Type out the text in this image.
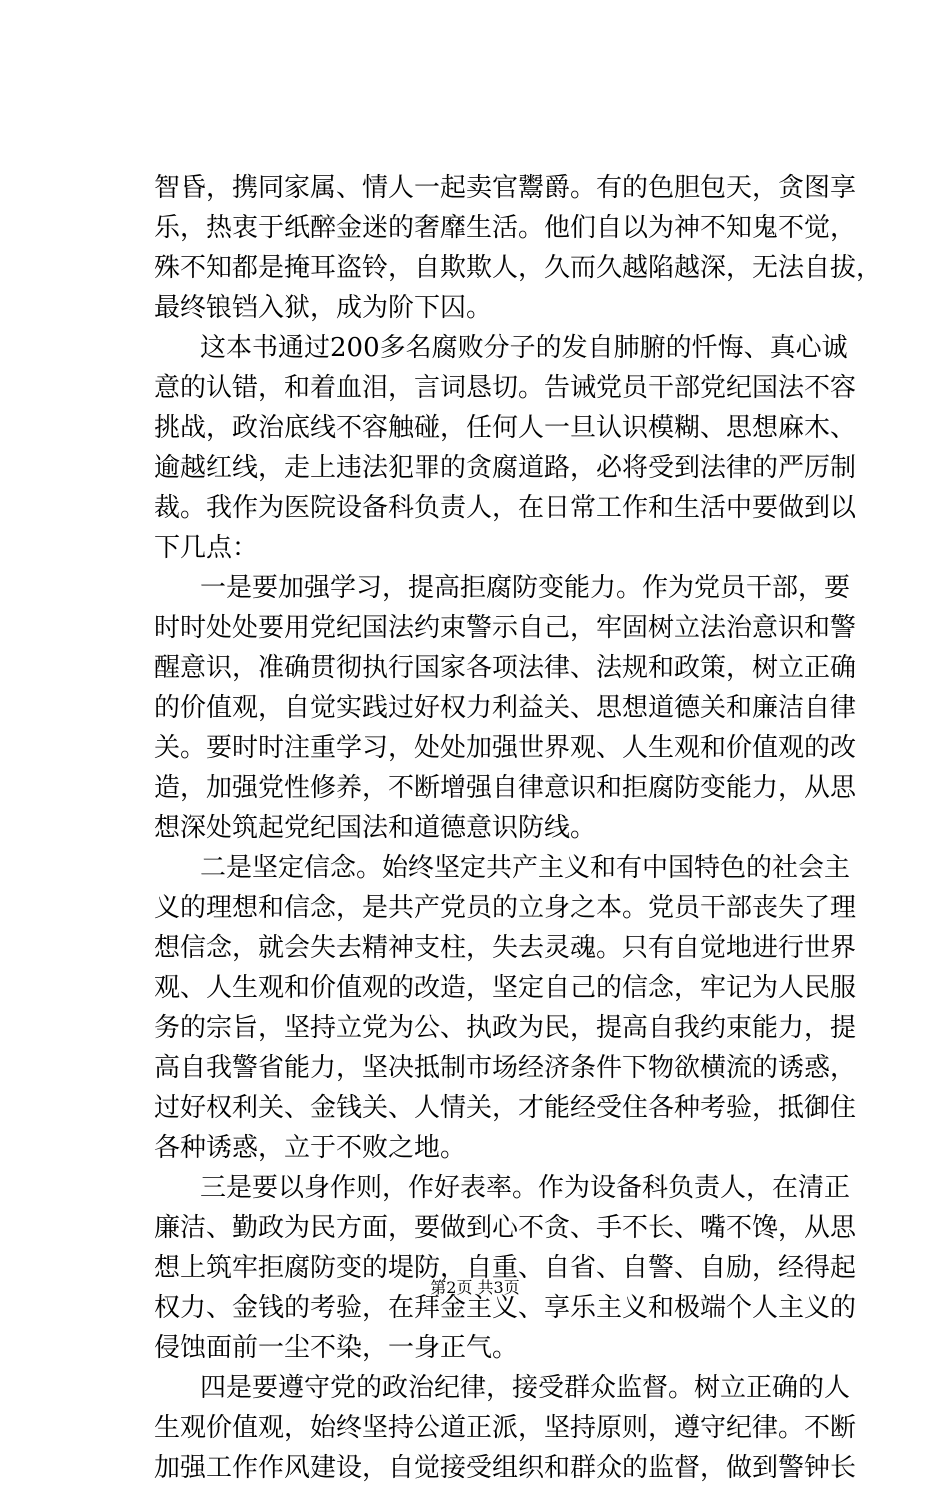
智昏，携同家属、情人一起卖官鬻爵。有的色胆包天，贪图享
乐，热衷于纸醉金迷的奢靡生活。他们自以为神不知鬼不觉，
殊不知都是掩耳盗铃，自欺欺人，久而久越陷越深，无法自拔，
最终锒铛入狱，成为阶下囚。
这本书通过200多名腐败分子的发自肺腑的忏悔、真心诚
意的认错，和着血泪，言词恳切。告诫党员干部党纪国法不容
挑战，政治底线不容触碰，任何人一旦认识模糊、思想麻木、
逾越红线，走上违法犯罪的贪腐道路，必将受到法律的严厉制
裁。我作为医院设备科负责人，在日常工作和生活中要做到以
下几点：
一是要加强学习，提高拒腐防变能力。作为党员干部，要
时时处处要用党纪国法约束警示自己，牢固树立法治意识和警
醒意识，准确贯彻执行国家各项法律、法规和政策，树立正确
的价值观，自觉实践过好权力利益关、思想道德关和廉洁自律
关。要时时注重学习，处处加强世界观、人生观和价值观的改
造，加强党性修养，不断增强自律意识和拒腐防变能力，从思
想深处筑起党纪国法和道德意识防线。
二是坚定信念。始终坚定共产主义和有中国特色的社会主
义的理想和信念，是共产党员的立身之本。党员干部丧失了理
想信念，就会失去精神支柱，失去灵魂。只有自觉地进行世界
观、人生观和价值观的改造，坚定自己的信念，牢记为人民服
务的宗旨，坚持立党为公、执政为民，提高自我约束能力，提
高自我警省能力，坚决抵制市场经济条件下物欲横流的诱惑，
过好权利关、金钱关、人情关，才能经受住各种考验，抵御住
各种诱惑，立于不败之地。
三是要以身作则，作好表率。作为设备科负责人，在清正
廉洁、勤政为民方面，要做到心不贪、手不长、嘴不馋，从思
想上筑牢拒腐防变的堤防，自重、自省、自警、自励，经得起
权力、金钱的考验，在拜金主义、享乐主义和极端个人主义的
侵蚀面前一尘不染，一身正气。
四是要遵守党的政治纪律，接受群众监督。树立正确的人
生观价值观，始终坚持公道正派，坚持原则，遵守纪律。不断
加强工作作风建设，自觉接受组织和群众的监督，做到警钟长
第2页 共3页
